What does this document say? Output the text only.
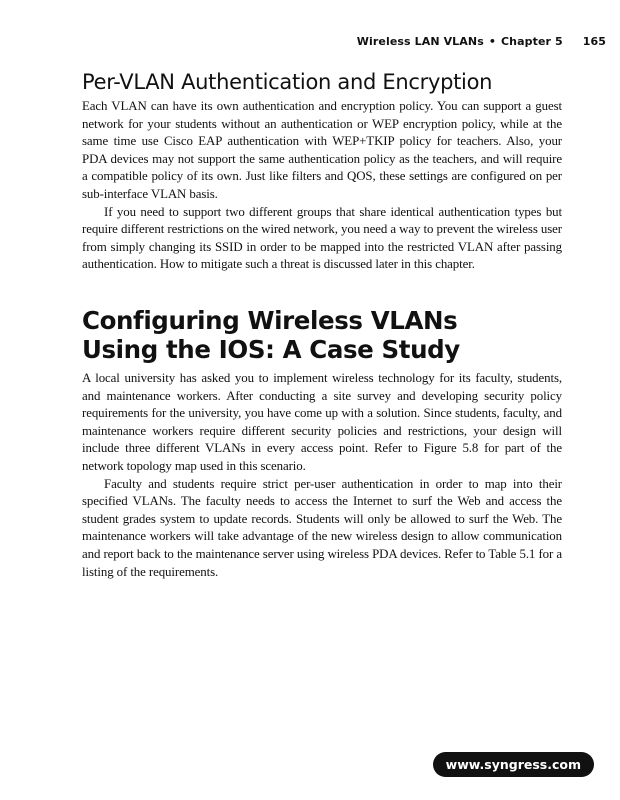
Wireless LAN VLANs • Chapter 5 165
Per-VLAN Authentication and Encryption

Each VLAN can have its own authentication and encryption policy. You can support a guest network for your students without an authentication or WEP encryption policy, while at the same time use Cisco EAP authentication with WEP+TKIP policy for teachers. Also, your PDA devices may not support the same authentication policy as the teachers, and will require a compatible policy of its own. Just like filters and QOS, these settings are configured on per sub-interface VLAN basis.

If you need to support two different groups that share identical authentication types but require different restrictions on the wired network, you need a way to prevent the wireless user from simply changing its SSID in order to be mapped into the restricted VLAN after passing authentication. How to mitigate such a threat is discussed later in this chapter.

Configuring Wireless VLANs
Using the IOS: A Case Study

A local university has asked you to implement wireless technology for its faculty, students, and maintenance workers. After conducting a site survey and developing security policy requirements for the university, you have come up with a solution. Since students, faculty, and maintenance workers require different security policies and restrictions, your design will include three different VLANs in every access point. Refer to Figure 5.8 for part of the network topology map used in this scenario.

Faculty and students require strict per-user authentication in order to map into their specified VLANs. The faculty needs to access the Internet to surf the Web and access the student grades system to update records. Students will only be allowed to surf the Web. The maintenance workers will take advantage of the new wireless design to allow communication and report back to the maintenance server using wireless PDA devices. Refer to Table 5.1 for a listing of the requirements.

www.syngress.com
